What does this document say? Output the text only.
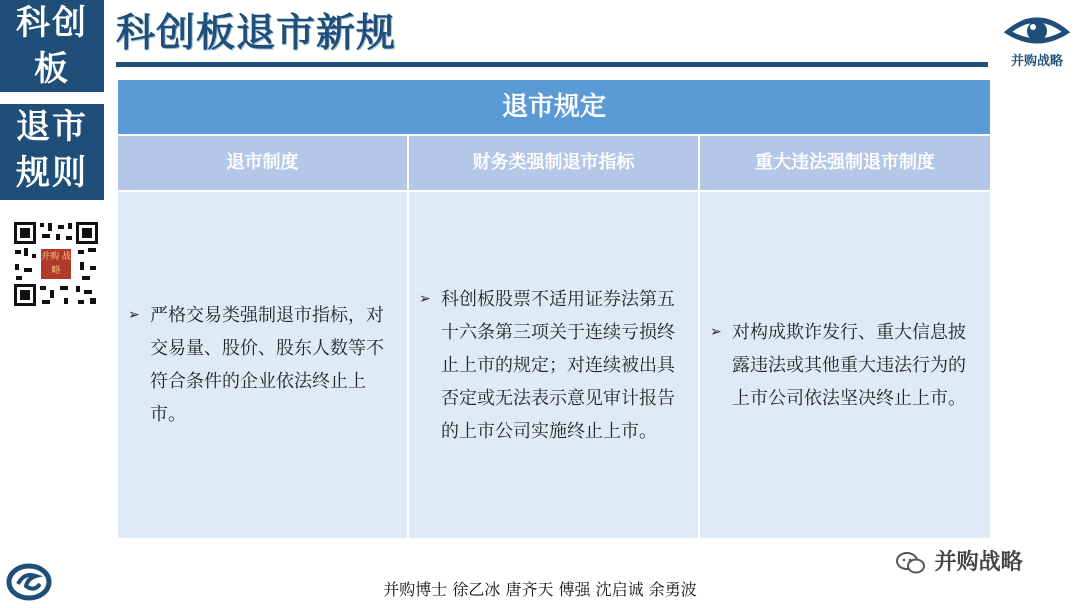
科创
板
退市
规则
并购 战略
科创板退市新规
并购战略
退市规定
退市制度	财务类强制退市指标	重大违法强制退市制度
➢ 严格交易类强制退市指标，对交易量、股价、股东人数等不符合条件的企业依法终止上市。
➢ 科创板股票不适用证券法第五十六条第三项关于连续亏损终止上市的规定；对连续被出具否定或无法表示意见审计报告的上市公司实施终止上市。
➢ 对构成欺诈发行、重大信息披露违法或其他重大违法行为的上市公司依法坚决终止上市。
并购博士 徐乙冰 唐齐天 傅强 沈启诚 余勇波
并购战略
